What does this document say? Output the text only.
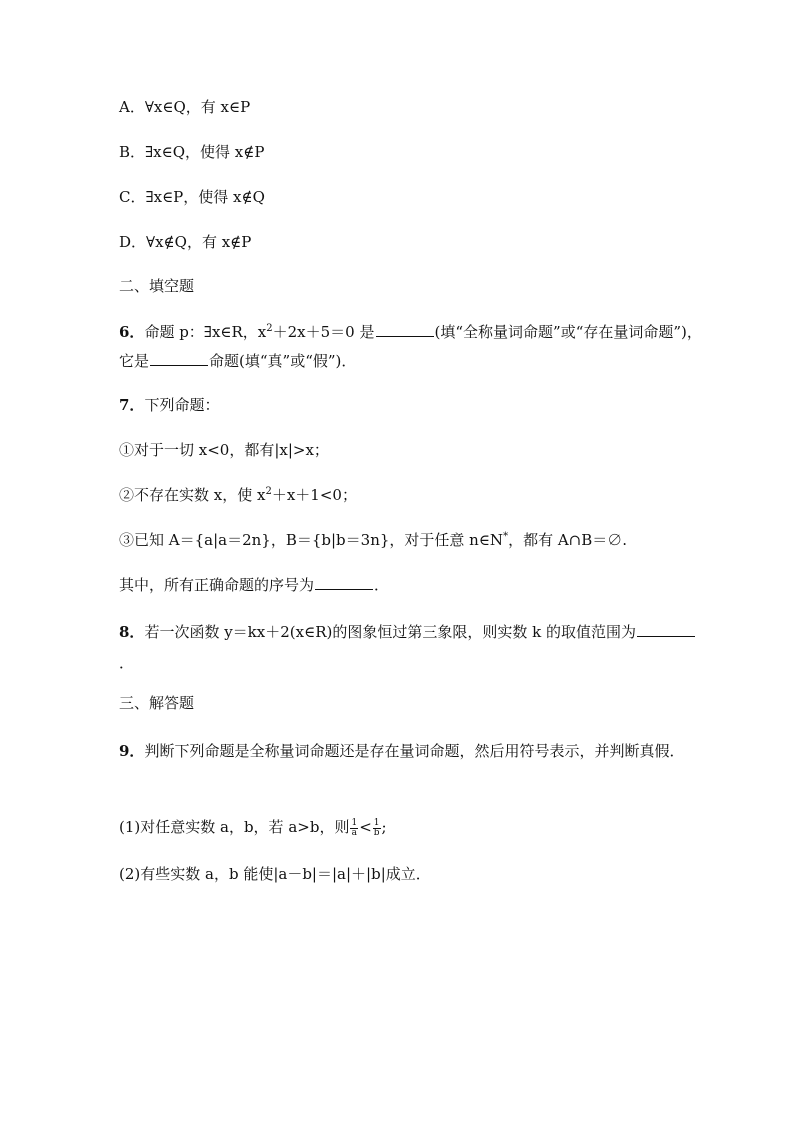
A．∀x∈Q，有 x∈P
B．∃x∈Q，使得 x∉P
C．∃x∈P，使得 x∉Q
D．∀x∉Q，有 x∉P
二、填空题
6．命题 p：∃x∈R，$x^2+2x+5=0$ 是	(填“全称量词命题”或“存在量词命题”)，它是	命题(填“真”或“假”)．
7．下列命题：
①对于一切 x<0，都有|x|>x；
②不存在实数 x，使 $x^2+x+1<0$；
③已知 A＝{a|a＝2n}，B＝{b|b＝3n}，对于任意 n∈N*，都有 A∩B＝∅.
其中，所有正确命题的序号为	．
8．若一次函数 y＝kx＋2(x∈R)的图象恒过第三象限，则实数 k 的取值范围为．
三、解答题
9．判断下列命题是全称量词命题还是存在量词命题，然后用符号表示，并判断真假．
(1)对任意实数 a，b，若 a>b，则 $\frac{1}{a} < \frac{1}{b}$ ;
(2)有些实数 a，b 能使|a－b|＝|a|＋|b|成立．
